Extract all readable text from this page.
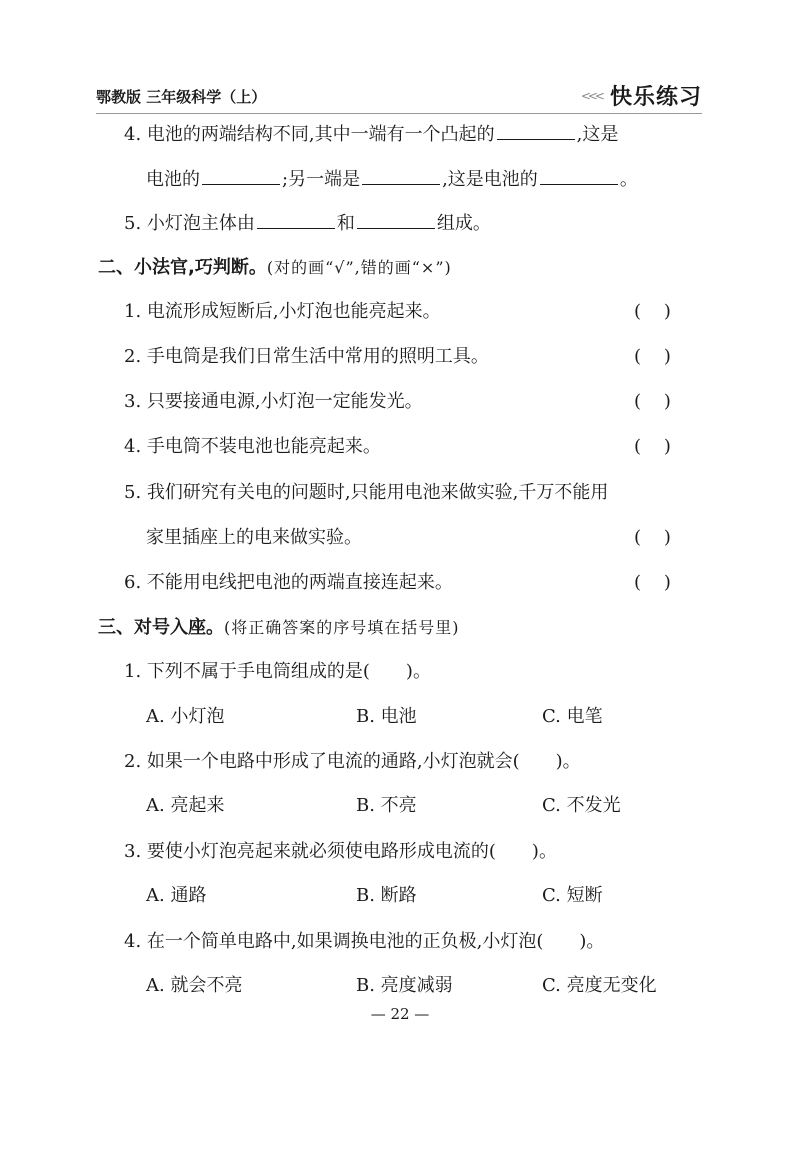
鄂教版 三年级科学（上）	<<< 快乐练习
4. 电池的两端结构不同,其中一端有一个凸起的	,这是
电池的	;另一端是	,这是电池的	。
5. 小灯泡主体由	和	组成。
二、小法官,巧判断。(对的画“√”,错的画“×”)
1. 电流形成短断后,小灯泡也能亮起来。	(    )
2. 手电筒是我们日常生活中常用的照明工具。	(    )
3. 只要接通电源,小灯泡一定能发光。	(    )
4. 手电筒不装电池也能亮起来。	(    )
5. 我们研究有关电的问题时,只能用电池来做实验,千万不能用
家里插座上的电来做实验。	(    )
6. 不能用电线把电池的两端直接连起来。	(    )
三、对号入座。(将正确答案的序号填在括号里)
1. 下列不属于手电筒组成的是(　　)。
A. 小灯泡	B. 电池	C. 电笔
2. 如果一个电路中形成了电流的通路,小灯泡就会(　　)。
A. 亮起来	B. 不亮	C. 不发光
3. 要使小灯泡亮起来就必须使电路形成电流的(　　)。
A. 通路	B. 断路	C. 短断
4. 在一个简单电路中,如果调换电池的正负极,小灯泡(　　)。
A. 就会不亮	B. 亮度减弱	C. 亮度无变化
— 22 —
